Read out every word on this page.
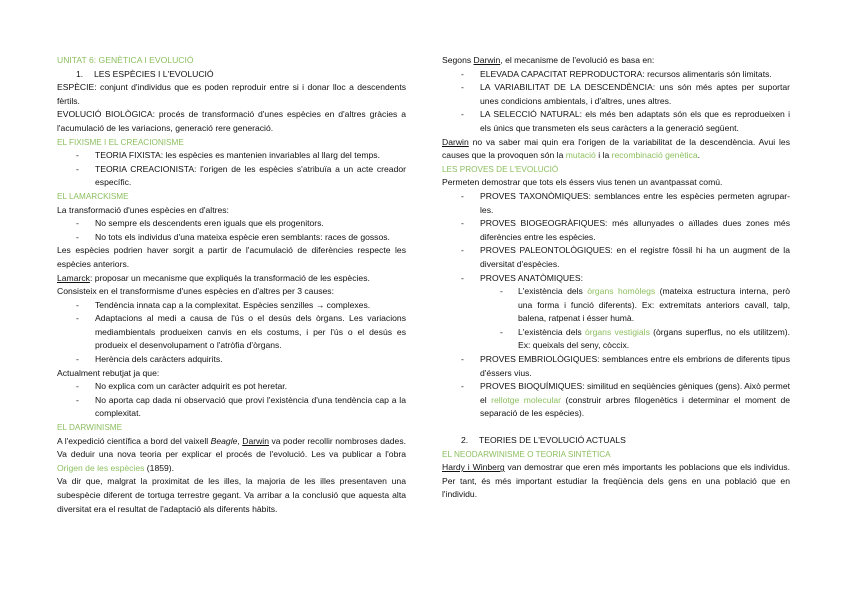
UNITAT 6: GENÈTICA I EVOLUCIÓ

1.	LES ESPÈCIES I L'EVOLUCIÓ

ESPÈCIE: conjunt d'individus que es poden reproduir entre si i donar lloc a descendents fèrtils.

EVOLUCIÓ BIOLÒGICA: procés de transformació d'unes espècies en d'altres gràcies a l'acumulació de les variacions, generació rere generació.

EL FIXISME I EL CREACIONISME

-	TEORIA FIXISTA: les espècies es mantenien invariables al llarg del temps.
-	TEORIA CREACIONISTA: l'origen de les espècies s'atribuïa a un acte creador específic.

EL LAMARCKISME

La transformació d'unes espècies en d'altres:

-	No sempre els descendents eren iguals que els progenitors.
-	No tots els individus d'una mateixa espècie eren semblants: races de gossos.

Les espècies podrien haver sorgit a partir de l'acumulació de diferències respecte les espècies anteriors.

Lamarck: proposar un mecanisme que expliqués la transformació de les espècies.

Consisteix en el transformisme d'unes espècies en d'altres per 3 causes:

-	Tendència innata cap a la complexitat. Espècies senzilles → complexes.
-	Adaptacions al medi a causa de l'ús o el desús dels òrgans. Les variacions mediambientals produeixen canvis en els costums, i per l'ús o el desús es produeix el desenvolupament o l'atròfia d'òrgans.
-	Herència dels caràcters adquirits.

Actualment rebutjat ja que:

-	No explica com un caràcter adquirit es pot heretar.
-	No aporta cap dada ni observació que provi l'existència d'una tendència cap a la complexitat.

EL DARWINISME

A l'expedició científica a bord del vaixell Beagle, Darwin va poder recollir nombroses dades. Va deduir una nova teoria per explicar el procés de l'evolució. Les va publicar a l'obra Origen de les espècies (1859).

Va dir que, malgrat la proximitat de les illes, la majoria de les illes presentaven una subespècie diferent de tortuga terrestre gegant. Va arribar a la conclusió que aquesta alta diversitat era el resultat de l'adaptació als diferents hàbits.

Segons Darwin, el mecanisme de l'evolució es basa en:

-	ELEVADA CAPACITAT REPRODUCTORA: recursos alimentaris són limitats.
-	LA VARIABILITAT DE LA DESCENDÈNCIA: uns són més aptes per suportar unes condicions ambientals, i d'altres, unes altres.
-	LA SELECCIÓ NATURAL: els més ben adaptats són els que es reprodueixen i els únics que transmeten els seus caràcters a la generació següent.

Darwin no va saber mai quin era l'origen de la variabilitat de la descendència. Avui les causes que la provoquen són la mutació i la recombinació genètica.

LES PROVES DE L'EVOLUCIÓ

Permeten demostrar que tots els éssers vius tenen un avantpassat comú.

-	PROVES TAXONÒMIQUES: semblances entre les espècies permeten agrupar-les.
-	PROVES BIOGEOGRÀFIQUES: més allunyades o aïllades dues zones més diferències entre les espècies.
-	PROVES PALEONTOLÒGIQUES: en el registre fòssil hi ha un augment de la diversitat d'espècies.
-	PROVES ANATÒMIQUES:
-	L'existència dels òrgans homòlegs (mateixa estructura interna, però una forma i funció diferents). Ex: extremitats anteriors cavall, talp, balena, ratpenat i ésser humà.
-	L'existència dels òrgans vestigials (òrgans superflus, no els utilitzem). Ex: queixals del seny, còccix.
-	PROVES EMBRIOLÒGIQUES: semblances entre els embrions de diferents tipus d'éssers vius.
-	PROVES BIOQUÍMIQUES: similitud en seqüències gèniques (gens). Això permet el rellotge molecular (construir arbres filogenètics i determinar el moment de separació de les espècies).
2.	TEORIES DE L'EVOLUCIÓ ACTUALS

EL NEODARWINISME O TEORIA SINTÈTICA

Hardy i Winberg van demostrar que eren més importants les poblacions que els individus. Per tant, és més important estudiar la freqüència dels gens en una població que en l'individu.
